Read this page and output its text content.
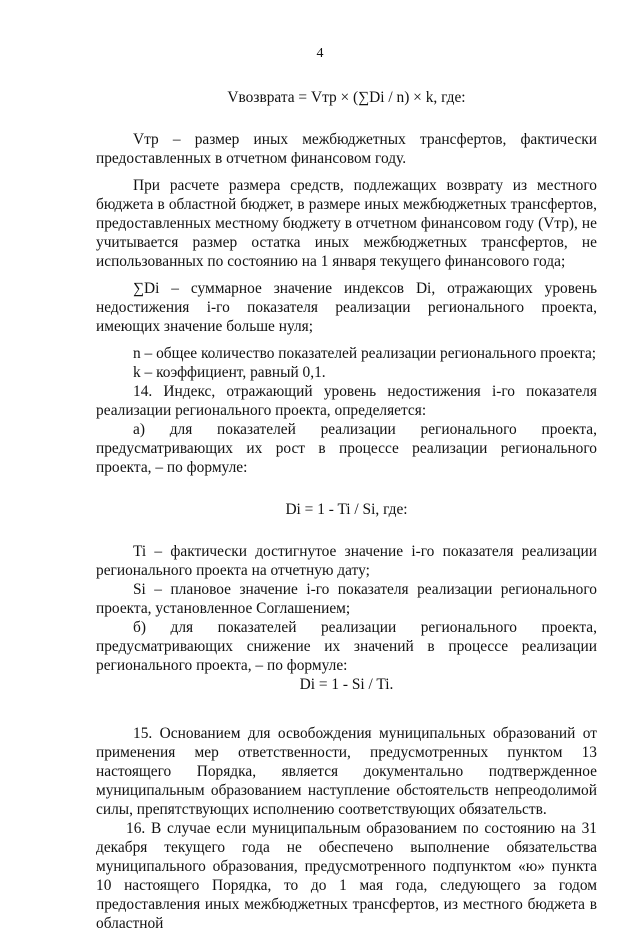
4

Vвозврата = Vтр × (∑Di / n) × k, где:

Vтр – размер иных межбюджетных трансфертов, фактически предоставленных в отчетном финансовом году.

При расчете размера средств, подлежащих возврату из местного бюджета в областной бюджет, в размере иных межбюджетных трансфертов, предоставленных местному бюджету в отчетном финансовом году (Vтр), не учитывается размер остатка иных межбюджетных трансфертов, не использованных по состоянию на 1 января текущего финансового года;

∑Di – суммарное значение индексов Di, отражающих уровень недостижения i-го показателя реализации регионального проекта, имеющих значение больше нуля;

n – общее количество показателей реализации регионального проекта;

k – коэффициент, равный 0,1.

14. Индекс, отражающий уровень недостижения i-го показателя реализации регионального проекта, определяется:

а) для показателей реализации регионального проекта, предусматривающих их рост в процессе реализации регионального проекта, – по формуле:

Di = 1 - Ti / Si, где:

Ti – фактически достигнутое значение i-го показателя реализации регионального проекта на отчетную дату;

Si – плановое значение i-го показателя реализации регионального проекта, установленное Соглашением;

б) для показателей реализации регионального проекта, предусматривающих снижение их значений в процессе реализации регионального проекта, – по формуле:

Di = 1 - Si / Ti.

15. Основанием для освобождения муниципальных образований от применения мер ответственности, предусмотренных пунктом 13 настоящего Порядка, является документально подтвержденное муниципальным образованием наступление обстоятельств непреодолимой силы, препятствующих исполнению соответствующих обязательств.

16. В случае если муниципальным образованием по состоянию на 31 декабря текущего года не обеспечено выполнение обязательства муниципального образования, предусмотренного подпунктом «ю» пункта 10 настоящего Порядка, то до 1 мая года, следующего за годом предоставления иных межбюджетных трансфертов, из местного бюджета в областной
